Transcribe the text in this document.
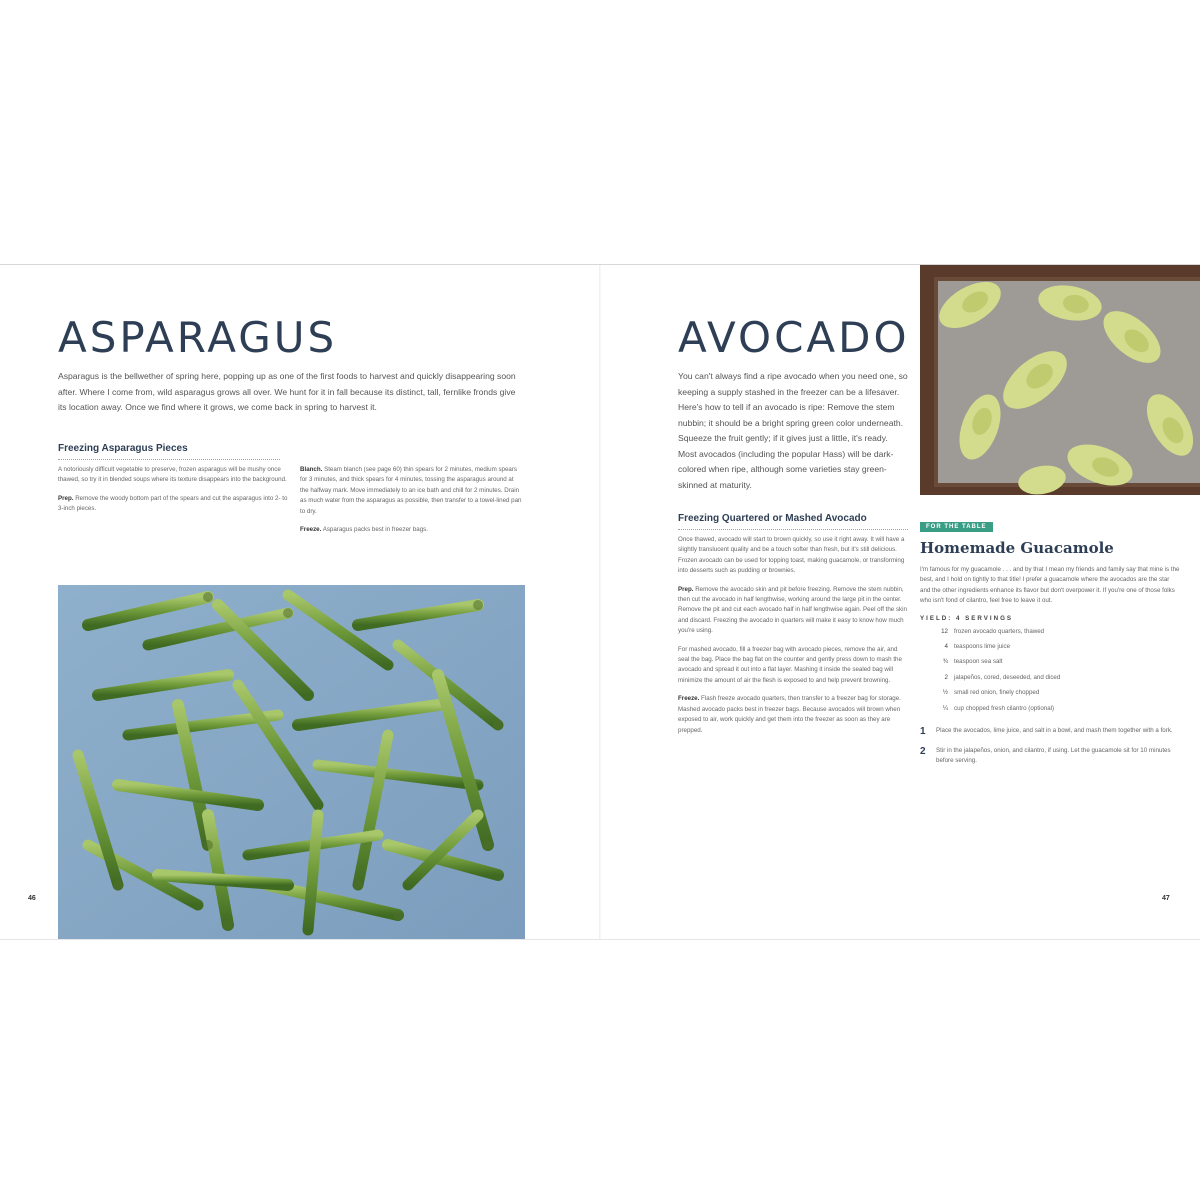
ASPARAGUS

Asparagus is the bellwether of spring here, popping up as one of the first foods to harvest and quickly disappearing soon after. Where I come from, wild asparagus grows all over. We hunt for it in fall because its distinct, tall, fernlike fronds give its location away. Once we find where it grows, we come back in spring to harvest it.

Freezing Asparagus Pieces

A notoriously difficult vegetable to preserve, frozen asparagus will be mushy once thawed, so try it in blended soups where its texture disappears into the background.

Prep. Remove the woody bottom part of the spears and cut the asparagus into 2- to 3-inch pieces.

Blanch. Steam blanch (see page 60) thin spears for 2 minutes, medium spears for 3 minutes, and thick spears for 4 minutes, tossing the asparagus around at the halfway mark. Move immediately to an ice bath and chill for 2 minutes. Drain as much water from the asparagus as possible, then transfer to a towel-lined pan to dry.

Freeze. Asparagus packs best in freezer bags.

46
AVOCADO

You can't always find a ripe avocado when you need one, so keeping a supply stashed in the freezer can be a lifesaver. Here's how to tell if an avocado is ripe: Remove the stem nubbin; it should be a bright spring green color underneath. Squeeze the fruit gently; if it gives just a little, it's ready. Most avocados (including the popular Hass) will be dark-colored when ripe, although some varieties stay green-skinned at maturity.

Freezing Quartered or Mashed Avocado

Once thawed, avocado will start to brown quickly, so use it right away. It will have a slightly translucent quality and be a touch softer than fresh, but it's still delicious. Frozen avocado can be used for topping toast, making guacamole, or transforming into desserts such as pudding or brownies.

Prep. Remove the avocado skin and pit before freezing. Remove the stem nubbin, then cut the avocado in half lengthwise, working around the large pit in the center. Remove the pit and cut each avocado half in half lengthwise again. Peel off the skin and discard. Freezing the avocado in quarters will make it easy to know how much you're using.

For mashed avocado, fill a freezer bag with avocado pieces, remove the air, and seal the bag. Place the bag flat on the counter and gently press down to mash the avocado and spread it out into a flat layer. Mashing it inside the sealed bag will minimize the amount of air the flesh is exposed to and help prevent browning.

Freeze. Flash freeze avocado quarters, then transfer to a freezer bag for storage. Mashed avocado packs best in freezer bags. Because avocados will brown when exposed to air, work quickly and get them into the freezer as soon as they are prepped.

FOR THE TABLE
Homemade Guacamole

I'm famous for my guacamole . . . and by that I mean my friends and family say that mine is the best, and I hold on tightly to that title! I prefer a guacamole where the avocados are the star and the other ingredients enhance its flavor but don't overpower it. If you're one of those folks who isn't fond of cilantro, feel free to leave it out.

YIELD: 4 SERVINGS
12 frozen avocado quarters, thawed
4 teaspoons lime juice
¾ teaspoon sea salt
2 jalapeños, cored, deseeded, and diced
½ small red onion, finely chopped
¼ cup chopped fresh cilantro (optional)
1	Place the avocados, lime juice, and salt in a bowl, and mash them together with a fork.
2	Stir in the jalapeños, onion, and cilantro, if using. Let the guacamole sit for 10 minutes before serving.
47
